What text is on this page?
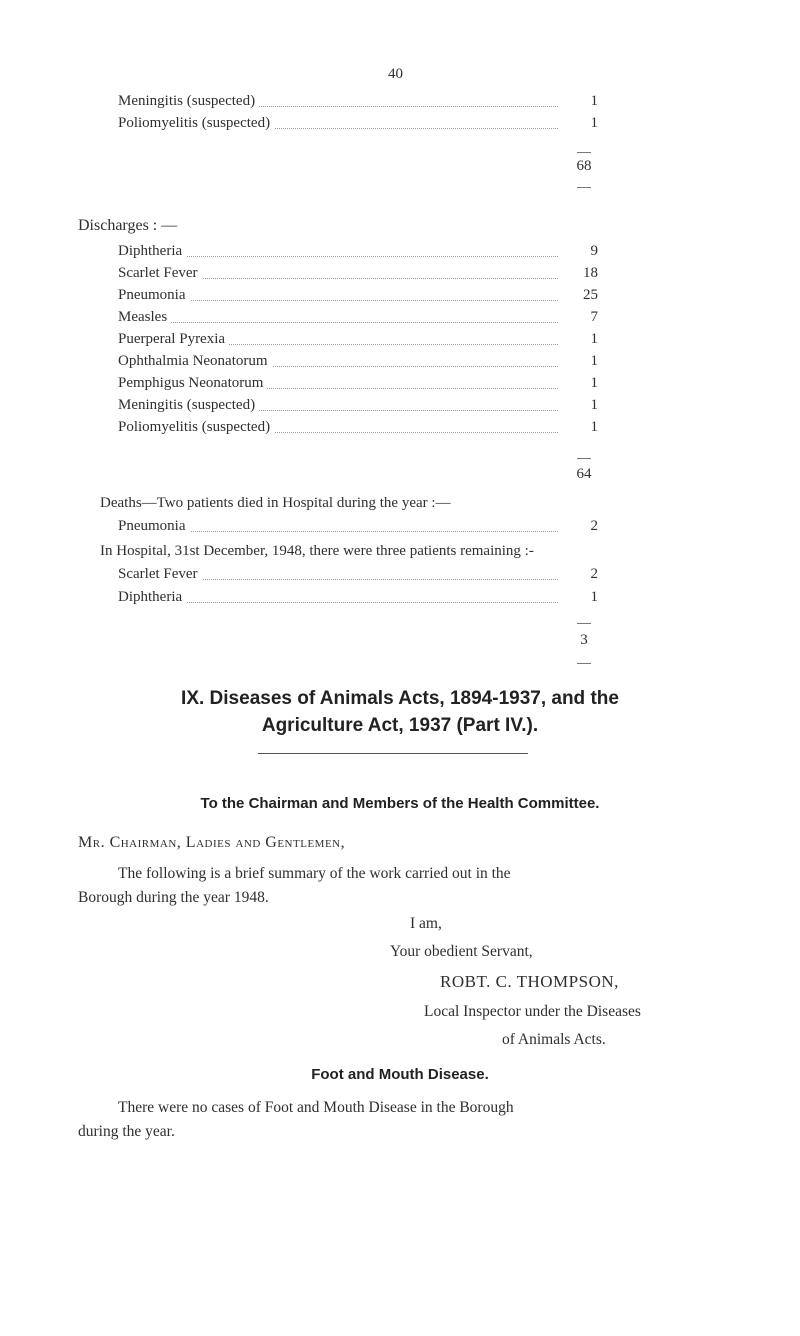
40
Meningitis (suspected)	1
Poliomyelitis (suspected)	1
68
Discharges : —
Diphtheria	9
Scarlet Fever	18
Pneumonia	25
Measles	7
Puerperal Pyrexia	1
Ophthalmia Neonatorum	1
Pemphigus Neonatorum	1
Meningitis (suspected)	1
Poliomyelitis (suspected)	1
64
Deaths—Two patients died in Hospital during the year :—
Pneumonia	2
In Hospital, 31st December, 1948, there were three patients remaining :-
Scarlet Fever	2
Diphtheria	1
3
IX. Diseases of Animals Acts, 1894-1937, and the
Agriculture Act, 1937 (Part IV.).
To the Chairman and Members of the Health Committee.
Mr. Chairman, Ladies and Gentlemen,
The following is a brief summary of the work carried out in the
Borough during the year 1948.
I am,
Your obedient Servant,
ROBT. C. THOMPSON,
Local Inspector under the Diseases
of Animals Acts.
Foot and Mouth Disease.
There were no cases of Foot and Mouth Disease in the Borough
during the year.
